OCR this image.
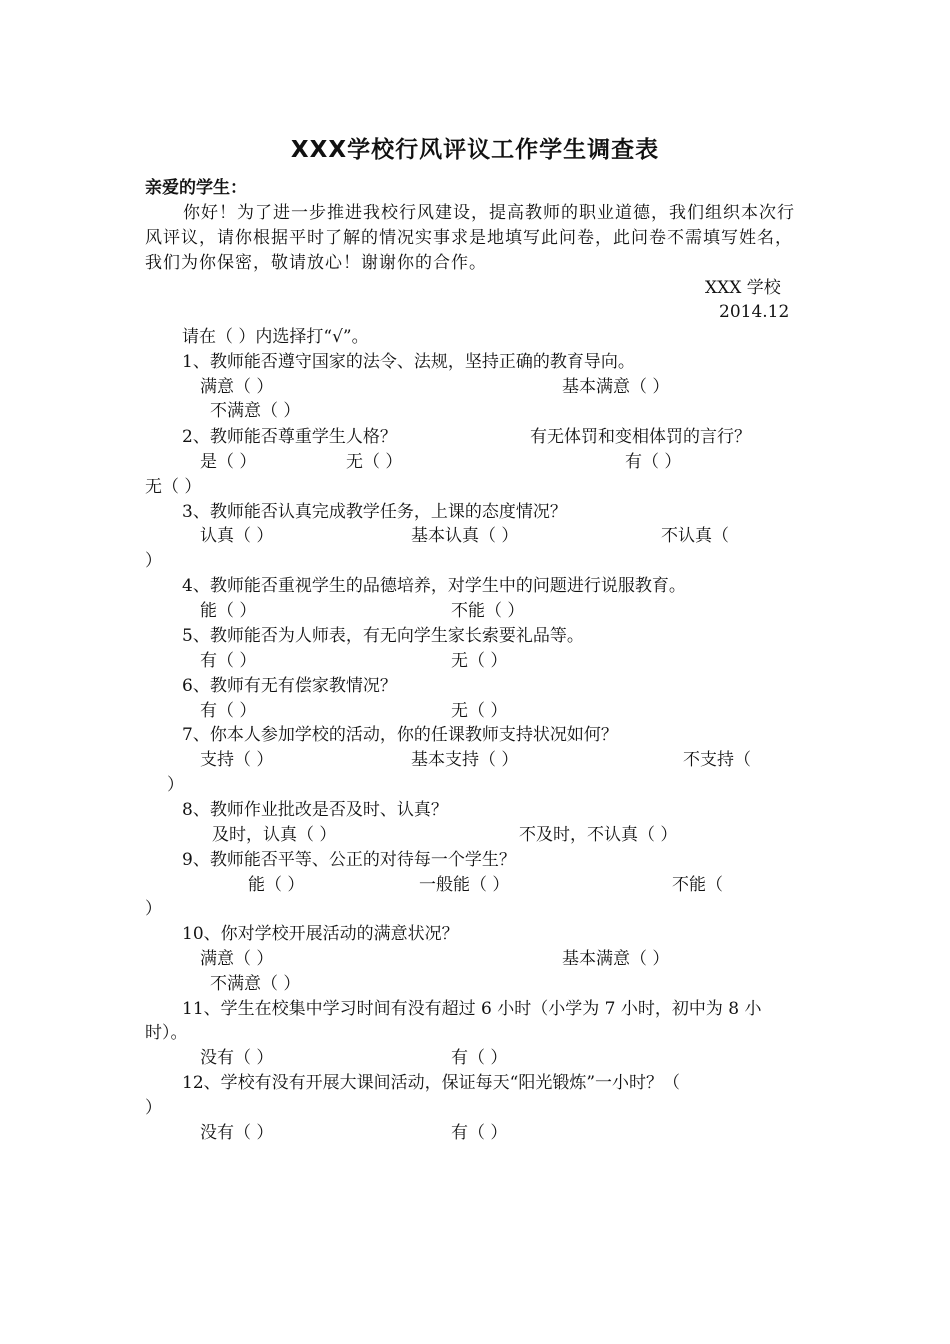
XXX学校行风评议工作学生调查表
亲爱的学生：
你好！为了进一步推进我校行风建设，提高教师的职业道德，我们组织本次行风评议，请你根据平时了解的情况实事求是地填写此问卷，此问卷不需填写姓名，我们为你保密，敬请放心！谢谢你的合作。
XXX 学校
2014.12
请在（ ）内选择打“√”。
1、教师能否遵守国家的法令、法规，坚持正确的教育导向。
满意（ ）	基本满意（ ）
不满意（ ）
2、教师能否尊重学生人格？	有无体罚和变相体罚的言行？
是（ ）	无（ ）	有（ ）
无（ ）
3、教师能否认真完成教学任务，上课的态度情况？
认真（ ）	基本认真（ ）	不认真（
）
4、教师能否重视学生的品德培养，对学生中的问题进行说服教育。
能（ ）	不能（ ）
5、教师能否为人师表，有无向学生家长索要礼品等。
有（ ）	无（ ）
6、教师有无有偿家教情况？
有（ ）	无（ ）
7、你本人参加学校的活动，你的任课教师支持状况如何？
支持（ ）	基本支持（ ）	不支持（
）
8、教师作业批改是否及时、认真？
及时，认真（ ）	不及时，不认真（ ）
9、教师能否平等、公正的对待每一个学生？
能（ ）	一般能（ ）	不能（
）
10、你对学校开展活动的满意状况？
满意（ ）	基本满意（ ）
不满意（ ）
11、学生在校集中学习时间有没有超过 6 小时（小学为 7 小时，初中为 8 小
时）。
没有（ ）	有（ ）
12、学校有没有开展大课间活动，保证每天“阳光锻炼”一小时？（
）
没有（ ）	有（ ）
